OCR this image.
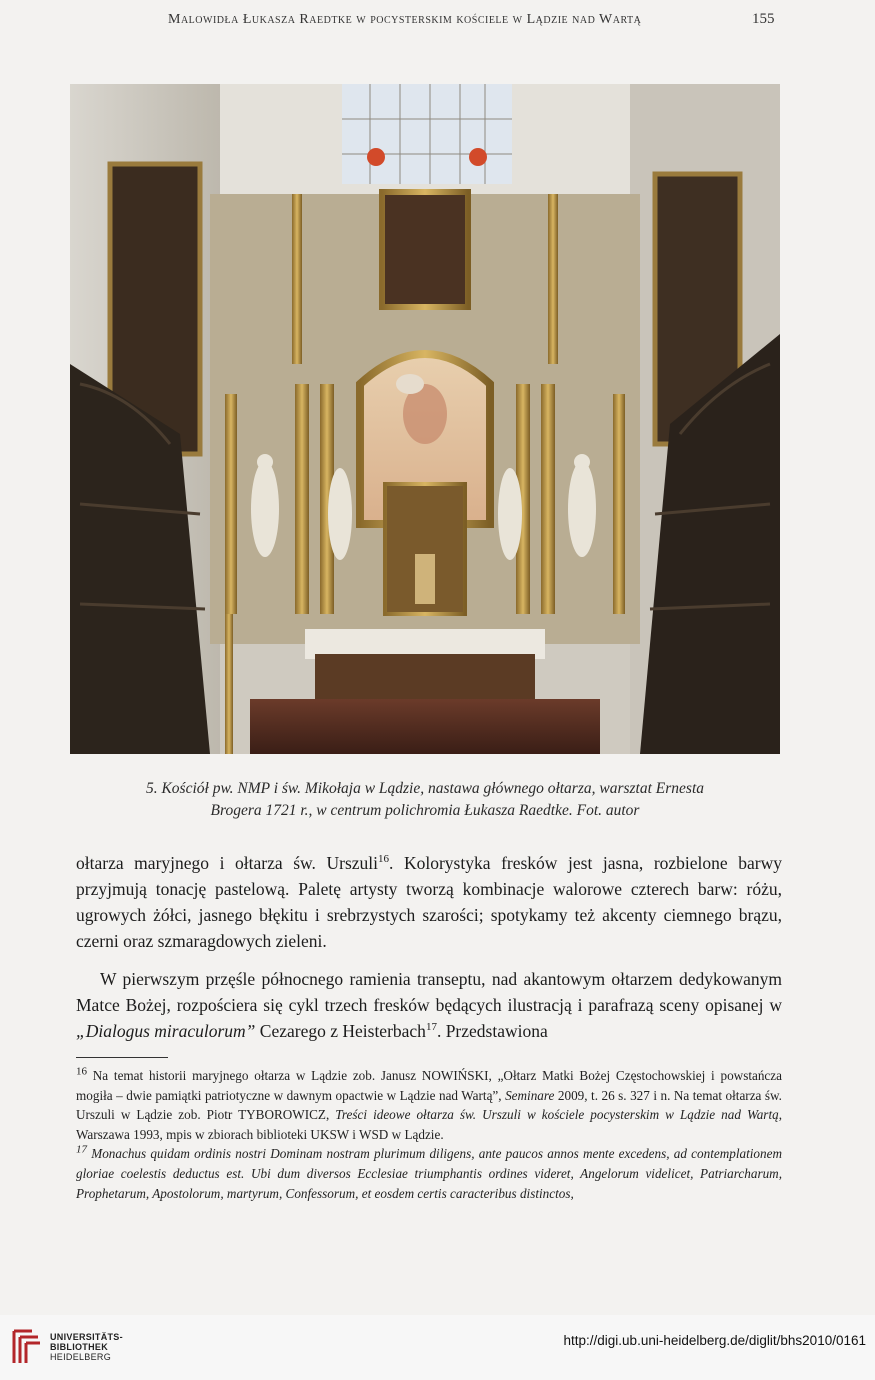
Malowidła Łukasza Raedtke w pocysterskim kościele w Lądzie nad Wartą	155
5. Kościół pw. NMP i św. Mikołaja w Lądzie, nastawa głównego ołtarza, warsztat Ernesta
Brogera 1721 r., w centrum polichromia Łukasza Raedtke. Fot. autor
ołtarza maryjnego i ołtarza św. Urszuli$^{16}$. Kolorystyka fresków jest jasna, rozbielone barwy przyjmują tonację pastelową. Paletę artysty tworzą kombinacje walorowe czterech barw: różu, ugrowych żółci, jasnego błękitu i srebrzystych szarości; spotykamy też akcenty ciemnego brązu, czerni oraz szmaragdowych zieleni.
W pierwszym przęśle północnego ramienia transeptu, nad akantowym ołtarzem dedykowanym Matce Bożej, rozpościera się cykl trzech fresków będących ilustracją i parafrazą sceny opisanej w „Dialogus miraculorum” Cezarego z Heisterbach$^{17}$. Przedstawiona

$^{16}$ Na temat historii maryjnego ołtarza w Lądzie zob. Janusz NOWIŃSKI, „Ołtarz Matki Bożej Częstochowskiej i powstańcza mogiła – dwie pamiątki patriotyczne w dawnym opactwie w Lądzie nad Wartą”, Seminare 2009, t. 26 s. 327 i n. Na temat ołtarza św. Urszuli w Lądzie zob. Piotr TYBOROWICZ, Treści ideowe ołtarza św. Urszuli w kościele pocysterskim w Lądzie nad Wartą, Warszawa 1993, mpis w zbiorach biblioteki UKSW i WSD w Lądzie.

$^{17}$ Monachus quidam ordinis nostri Dominam nostram plurimum diligens, ante paucos annos mente excedens, ad contemplationem gloriae coelestis deductus est. Ubi dum diversos Ecclesiae triumphantis ordines videret, Angelorum videlicet, Patriarcharum, Prophetarum, Apostolorum, martyrum, Confessorum, et eosdem certis caracteribus distinctos,

UNIVERSITÄTS-
BIBLIOTHEK
HEIDELBERG
http://digi.ub.uni-heidelberg.de/diglit/bhs2010/0161
